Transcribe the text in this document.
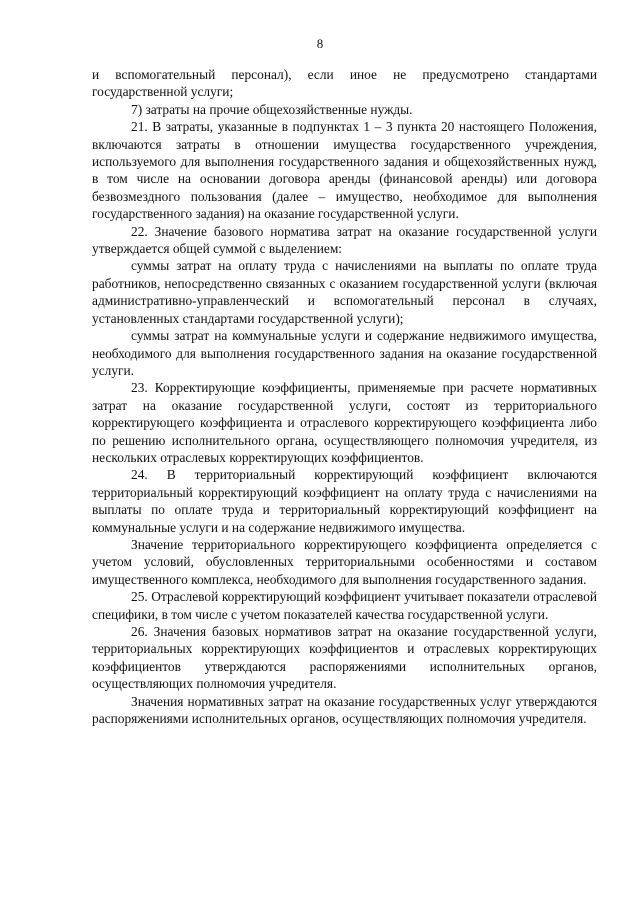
8

и вспомогательный персонал), если иное не предусмотрено стандартами государственной услуги;

7) затраты на прочие общехозяйственные нужды.

21. В затраты, указанные в подпунктах 1 – 3 пункта 20 настоящего Положения, включаются затраты в отношении имущества государственного учреждения, используемого для выполнения государственного задания и общехозяйственных нужд, в том числе на основании договора аренды (финансовой аренды) или договора безвозмездного пользования (далее – имущество, необходимое для выполнения государственного задания) на оказание государственной услуги.

22. Значение базового норматива затрат на оказание государственной услуги утверждается общей суммой с выделением:

суммы затрат на оплату труда с начислениями на выплаты по оплате труда работников, непосредственно связанных с оказанием государственной услуги (включая административно-управленческий и вспомогательный персонал в случаях, установленных стандартами государственной услуги);

суммы затрат на коммунальные услуги и содержание недвижимого имущества, необходимого для выполнения государственного задания на оказание государственной услуги.

23. Корректирующие коэффициенты, применяемые при расчете нормативных затрат на оказание государственной услуги, состоят из территориального корректирующего коэффициента и отраслевого корректирующего коэффициента либо по решению исполнительного органа, осуществляющего полномочия учредителя, из нескольких отраслевых корректирующих коэффициентов.

24. В территориальный корректирующий коэффициент включаются территориальный корректирующий коэффициент на оплату труда с начислениями на выплаты по оплате труда и территориальный корректирующий коэффициент на коммунальные услуги и на содержание недвижимого имущества.

Значение территориального корректирующего коэффициента определяется с учетом условий, обусловленных территориальными особенностями и составом имущественного комплекса, необходимого для выполнения государственного задания.

25. Отраслевой корректирующий коэффициент учитывает показатели отраслевой специфики, в том числе с учетом показателей качества государственной услуги.

26. Значения базовых нормативов затрат на оказание государственной услуги, территориальных корректирующих коэффициентов и отраслевых корректирующих коэффициентов утверждаются распоряжениями исполнительных органов, осуществляющих полномочия учредителя.

Значения нормативных затрат на оказание государственных услуг утверждаются распоряжениями исполнительных органов, осуществляющих полномочия учредителя.
